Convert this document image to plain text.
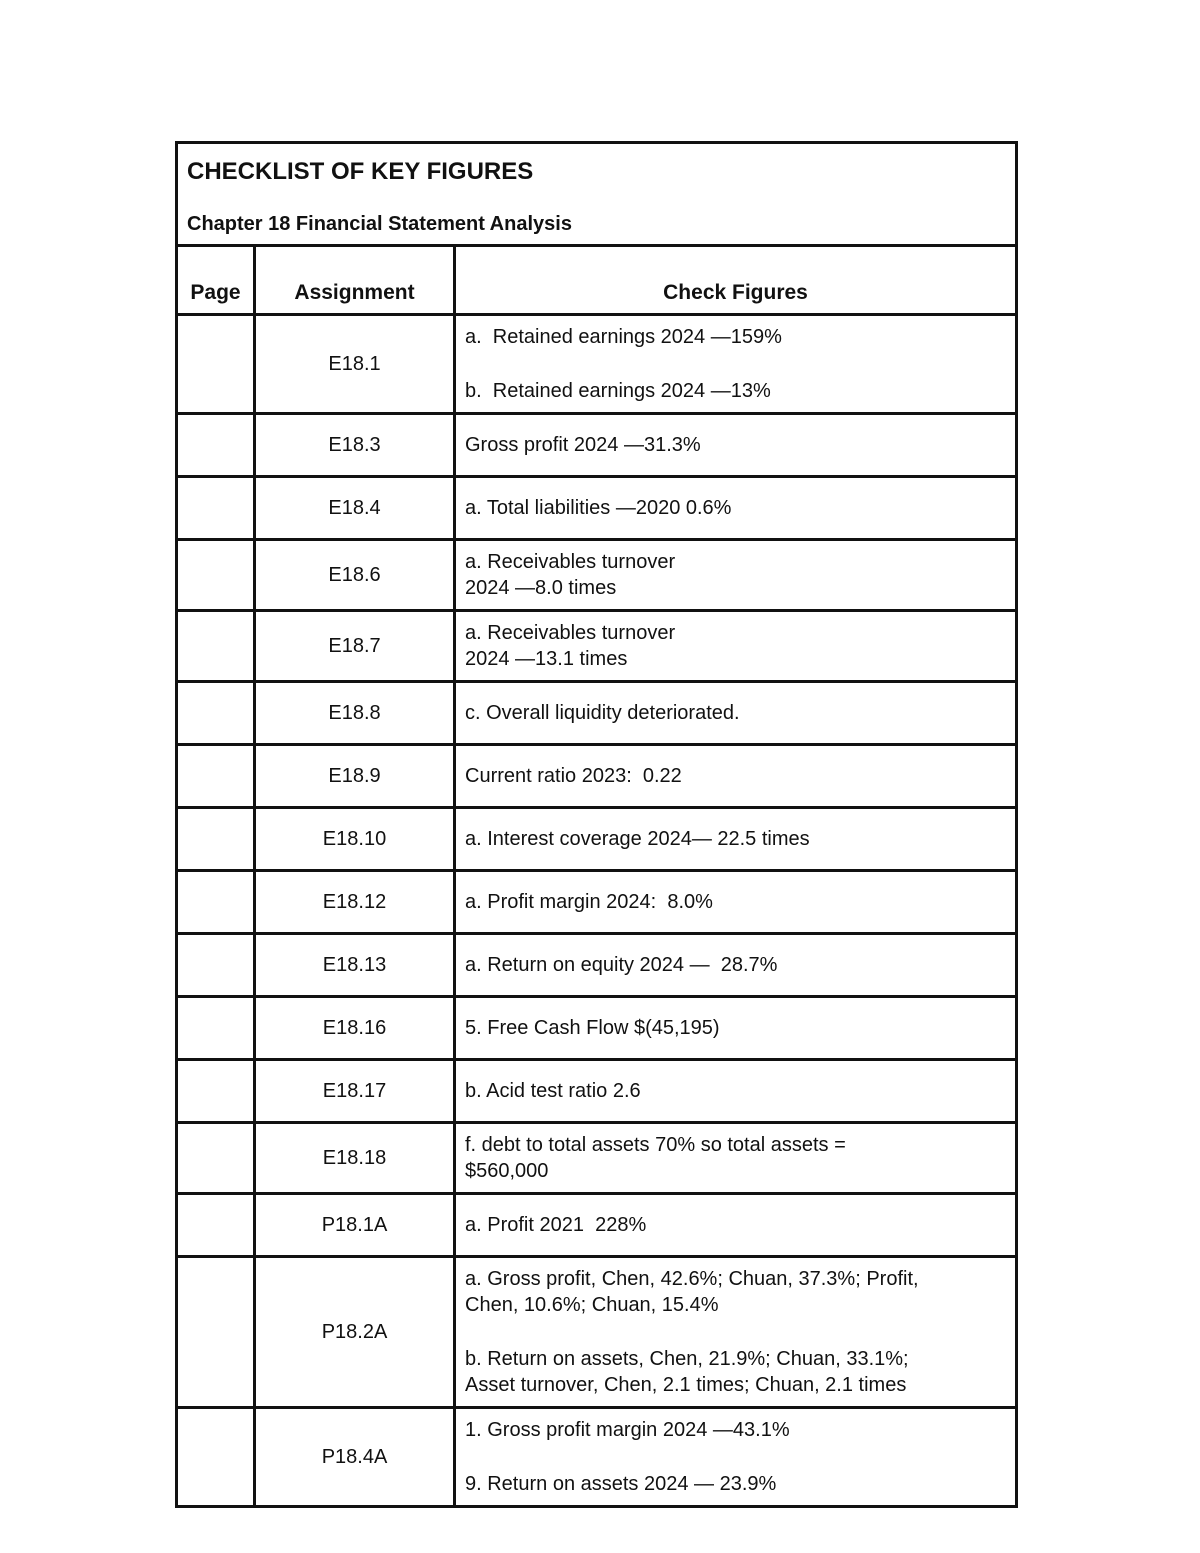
CHECKLIST OF KEY FIGURES
Chapter 18 Financial Statement Analysis		

Page	Assignment	Check Figures
	E18.1	a.  Retained earnings 2024 —159%
b.  Retained earnings 2024 —13%

	E18.3	Gross profit 2024 —31.3%

	E18.4	a. Total liabilities —2020 0.6%

	E18.6	a. Receivables turnover
2024 —8.0 times

	E18.7	a. Receivables turnover
2024 —13.1 times

	E18.8	c. Overall liquidity deteriorated.

	E18.9	Current ratio 2023:  0.22

	E18.10	a. Interest coverage 2024— 22.5 times

	E18.12	a. Profit margin 2024:  8.0%

	E18.13	a. Return on equity 2024 —  28.7%

	E18.16	5. Free Cash Flow $(45,195)

	E18.17	b. Acid test ratio 2.6

	E18.18	f. debt to total assets 70% so total assets =
$560,000

	P18.1A	a. Profit 2021  228%

	P18.2A	a. Gross profit, Chen, 42.6%; Chuan, 37.3%; Profit,
Chen, 10.6%; Chuan, 15.4%
b. Return on assets, Chen, 21.9%; Chuan, 33.1%;
Asset turnover, Chen, 2.1 times; Chuan, 2.1 times

	P18.4A	1. Gross profit margin 2024 —43.1%
9. Return on assets 2024 — 23.9%
